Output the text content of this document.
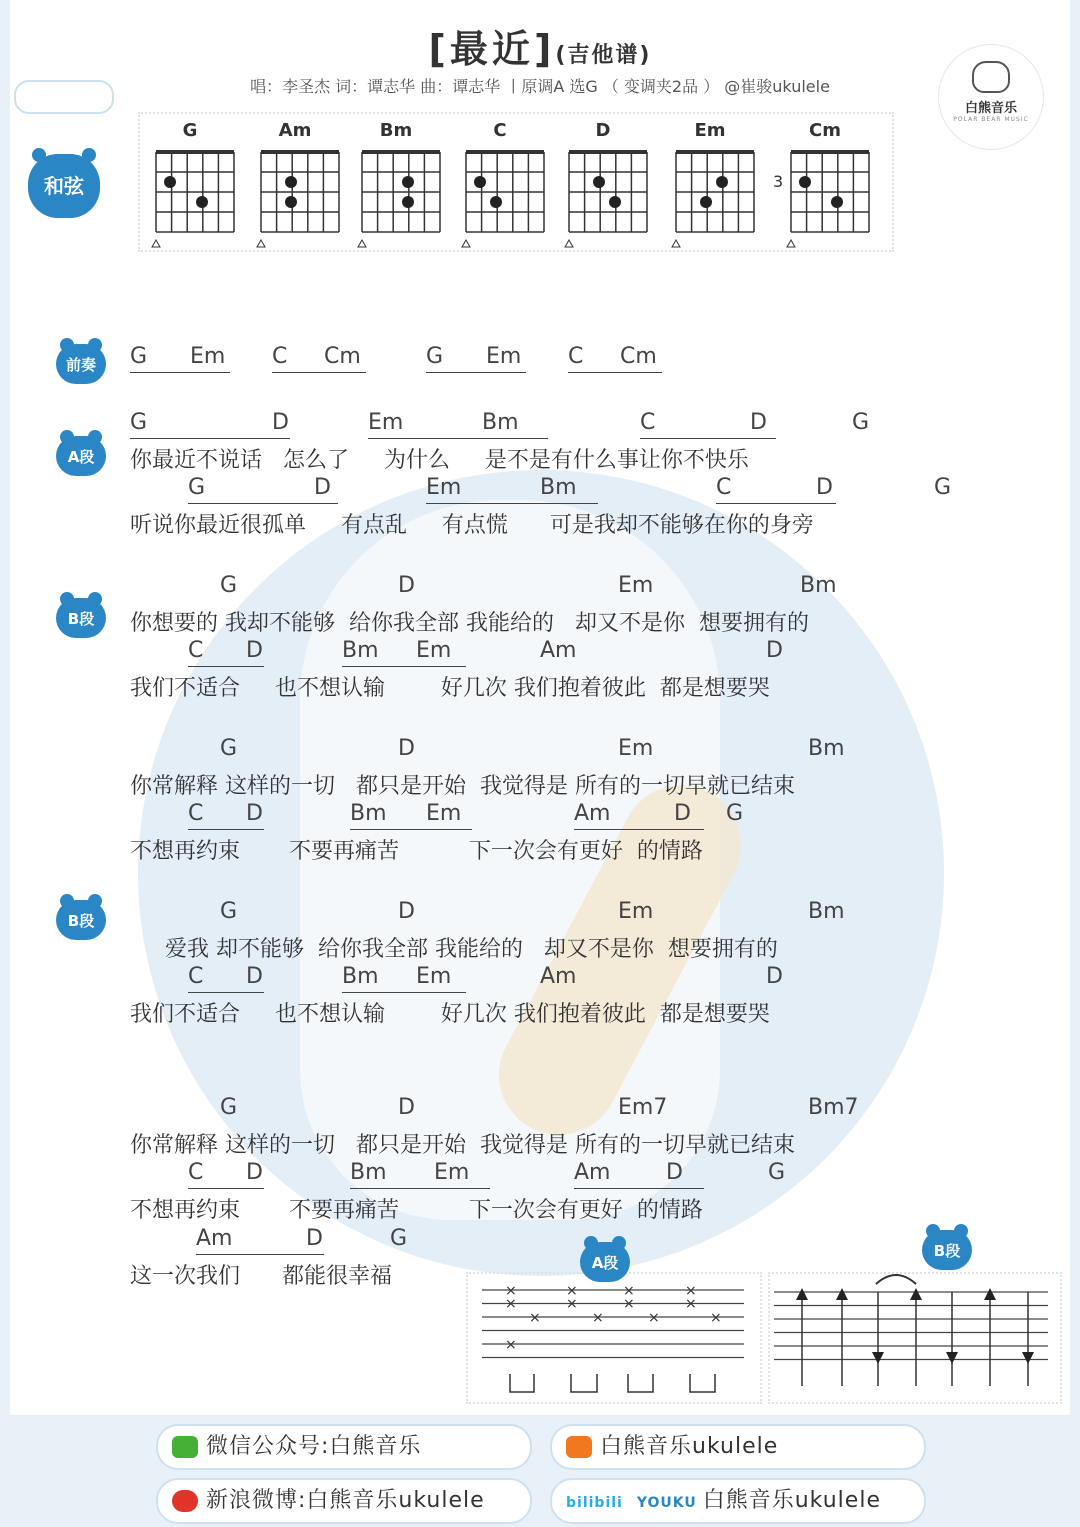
[最近](吉他谱)
唱：李圣杰 词：谭志华 曲：谭志华 丨原调A 选G （ 变调夹2品 ） @崔骏ukulele
白熊音乐
POLAR BEAR MUSIC
和弦
G	Am	Bm	C	D	Em	Cm
3
前奏
A段
B段
B段
G Em C Cm	G Em C Cm
G	D	Em	Bm	C	D	G
你最近不说话   怎么了     为什么     是不是有什么事让你不快乐
G	D	Em	Bm	C	D	G
听说你最近很孤单     有点乱     有点慌      可是我却不能够在你的身旁
G	D	Em	Bm
你想要的 我却不能够  给你我全部 我能给的   却又不是你  想要拥有的
C D	Bm Em	Am	D
我们不适合     也不想认输        好几次 我们抱着彼此  都是想要哭
G	D	Em	Bm
你常解释 这样的一切   都只是开始  我觉得是 所有的一切早就已结束
C D	Bm Em	Am	D G
不想再约束       不要再痛苦          下一次会有更好  的情路
G	D	Em	Bm
爱我 却不能够  给你我全部 我能给的   却又不是你  想要拥有的
C D	Bm Em	Am	D
我们不适合     也不想认输        好几次 我们抱着彼此  都是想要哭
G	D	Em7	Bm7
你常解释 这样的一切   都只是开始  我觉得是 所有的一切早就已结束
C D	Bm Em	Am	D	G
不想再约束       不要再痛苦          下一次会有更好  的情路
Am	D	G
这一次我们      都能很幸福
A段
B段
×
×
×
×
×
×
×
×
×
×
×
×
×
微信公众号:白熊音乐	白熊音乐ukulele
新浪微博:白熊音乐ukulele	bilibili YOUKU 白熊音乐ukulele
